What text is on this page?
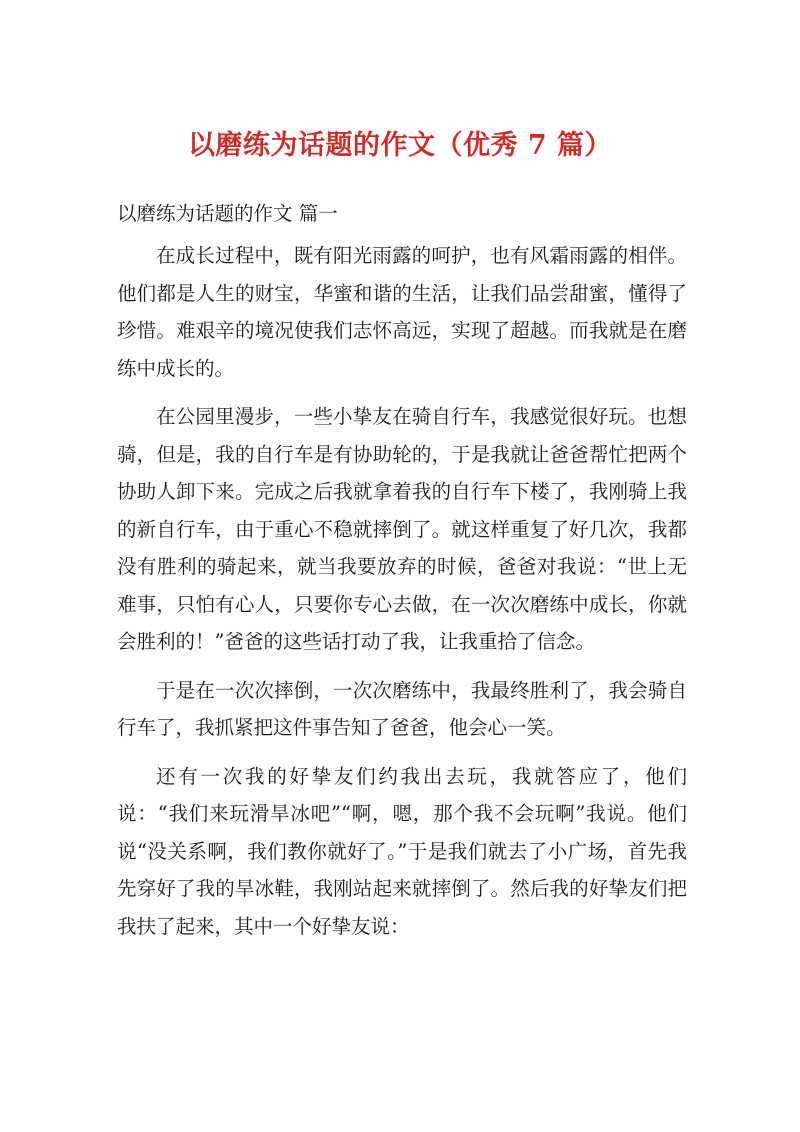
以磨练为话题的作文（优秀 7 篇）
以磨练为话题的作文 篇一

在成长过程中，既有阳光雨露的呵护，也有风霜雨露的相伴。他们都是人生的财宝，华蜜和谐的生活，让我们品尝甜蜜，懂得了珍惜。难艰辛的境况使我们志怀高远，实现了超越。而我就是在磨练中成长的。

在公园里漫步，一些小挚友在骑自行车，我感觉很好玩。也想骑，但是，我的自行车是有协助轮的，于是我就让爸爸帮忙把两个协助人卸下来。完成之后我就拿着我的自行车下楼了，我刚骑上我的新自行车，由于重心不稳就摔倒了。就这样重复了好几次，我都没有胜利的骑起来，就当我要放弃的时候，爸爸对我说：“世上无难事，只怕有心人，只要你专心去做，在一次次磨练中成长，你就会胜利的！”爸爸的这些话打动了我，让我重拾了信念。

于是在一次次摔倒，一次次磨练中，我最终胜利了，我会骑自行车了，我抓紧把这件事告知了爸爸，他会心一笑。

还有一次我的好挚友们约我出去玩，我就答应了，他们说：“我们来玩滑旱冰吧”“啊，嗯，那个我不会玩啊”我说。他们说“没关系啊，我们教你就好了。”于是我们就去了小广场，首先我先穿好了我的旱冰鞋，我刚站起来就摔倒了。然后我的好挚友们把我扶了起来，其中一个好挚友说：
